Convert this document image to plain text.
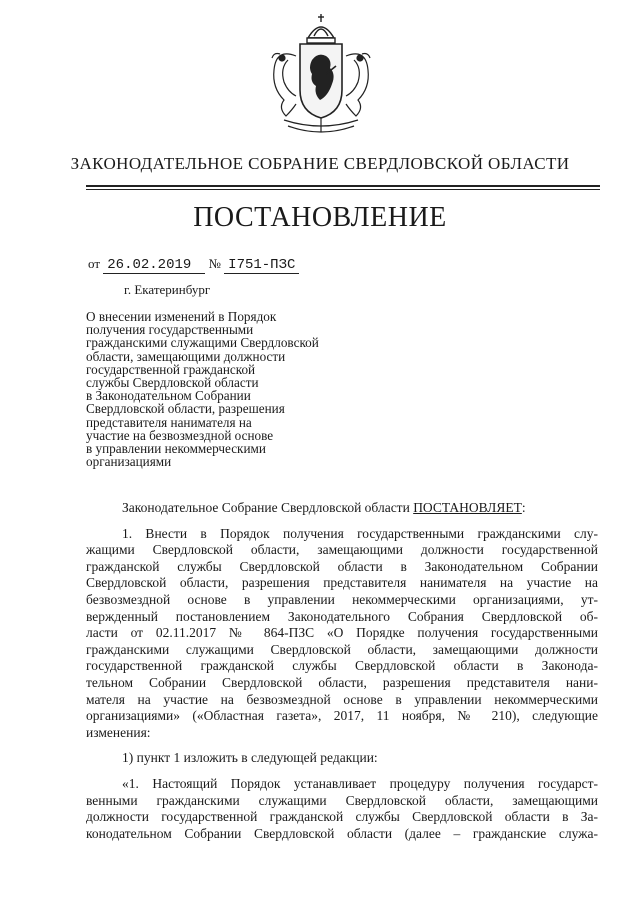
ЗАКОНОДАТЕЛЬНОЕ СОБРАНИЕ СВЕРДЛОВСКОЙ ОБЛАСТИ
ПОСТАНОВЛЕНИЕ
от 26.02.2019 № I751-ПЗС
г. Екатеринбург
О внесении изменений в Порядок
получения государственными
гражданскими служащими Свердловской
области, замещающими должности
государственной гражданской
службы Свердловской области
в Законодательном Собрании
Свердловской области, разрешения
представителя нанимателя на
участие на безвозмездной основе
в управлении некоммерческими
организациями
Законодательное Собрание Свердловской области ПОСТАНОВЛЯЕТ:
1. Внести в Порядок получения государственными гражданскими слу-
жащими Свердловской области, замещающими должности государственной
гражданской службы Свердловской области в Законодательном Собрании
Свердловской области, разрешения представителя нанимателя на участие на
безвозмездной основе в управлении некоммерческими организациями, ут-
вержденный постановлением Законодательного Собрания Свердловской об-
ласти от 02.11.2017 № 864-ПЗС «О Порядке получения государственными
гражданскими служащими Свердловской области, замещающими должности
государственной гражданской службы Свердловской области в Законода-
тельном Собрании Свердловской области, разрешения представителя нани-
мателя на участие на безвозмездной основе в управлении некоммерческими
организациями» («Областная газета», 2017, 11 ноября, № 210), следующие
изменения:
1) пункт 1 изложить в следующей редакции:
«1. Настоящий Порядок устанавливает процедуру получения государст-
венными гражданскими служащими Свердловской области, замещающими
должности государственной гражданской службы Свердловской области в За-
конодательном Собрании Свердловской области (далее – гражданские служа-
